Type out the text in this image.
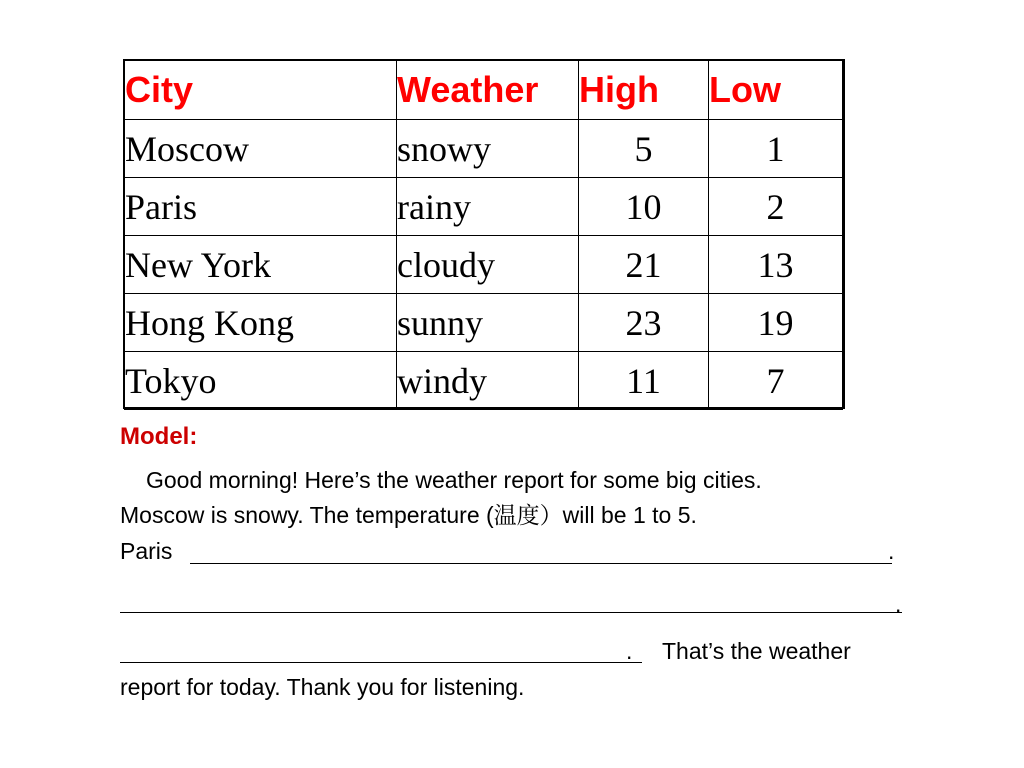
City	Weather	High	Low
Moscow	snowy	5	1
Paris	rainy	10	2
New York	cloudy	21	13
Hong Kong	sunny	23	19
Tokyo	windy	11	7
Model:
Good morning! Here’s the weather report for some big cities.
Moscow is snowy. The temperature (温度）will be 1 to 5.
Paris	.
.
. That’s the weather
report for today. Thank you for listening.
